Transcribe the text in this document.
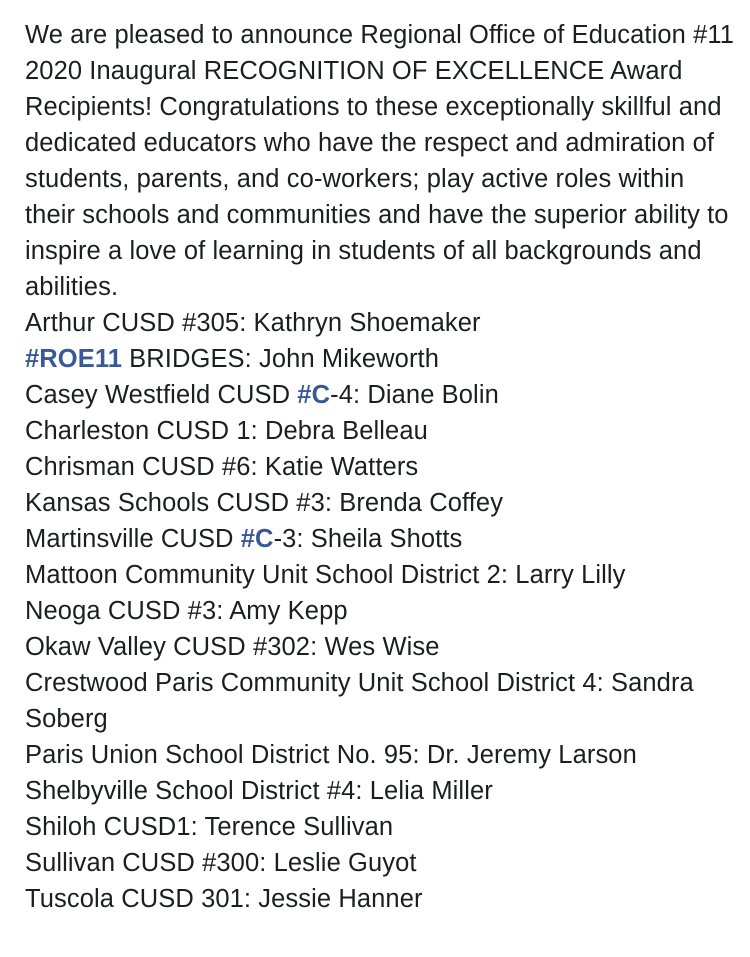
We are pleased to announce Regional Office of Education #11 2020 Inaugural RECOGNITION OF EXCELLENCE Award Recipients! Congratulations to these exceptionally skillful and dedicated educators who have the respect and admiration of students, parents, and co-workers; play active roles within their schools and communities and have the superior ability to inspire a love of learning in students of all backgrounds and abilities.

Arthur CUSD #305: Kathryn Shoemaker
#ROE11 BRIDGES: John Mikeworth
Casey Westfield CUSD #C-4: Diane Bolin
Charleston CUSD 1: Debra Belleau
Chrisman CUSD #6: Katie Watters
Kansas Schools CUSD #3: Brenda Coffey
Martinsville CUSD #C-3: Sheila Shotts
Mattoon Community Unit School District 2: Larry Lilly
Neoga CUSD #3: Amy Kepp
Okaw Valley CUSD #302: Wes Wise
Crestwood Paris Community Unit School District 4: Sandra Soberg
Paris Union School District No. 95: Dr. Jeremy Larson
Shelbyville School District #4: Lelia Miller
Shiloh CUSD1: Terence Sullivan
Sullivan CUSD #300: Leslie Guyot
Tuscola CUSD 301: Jessie Hanner
